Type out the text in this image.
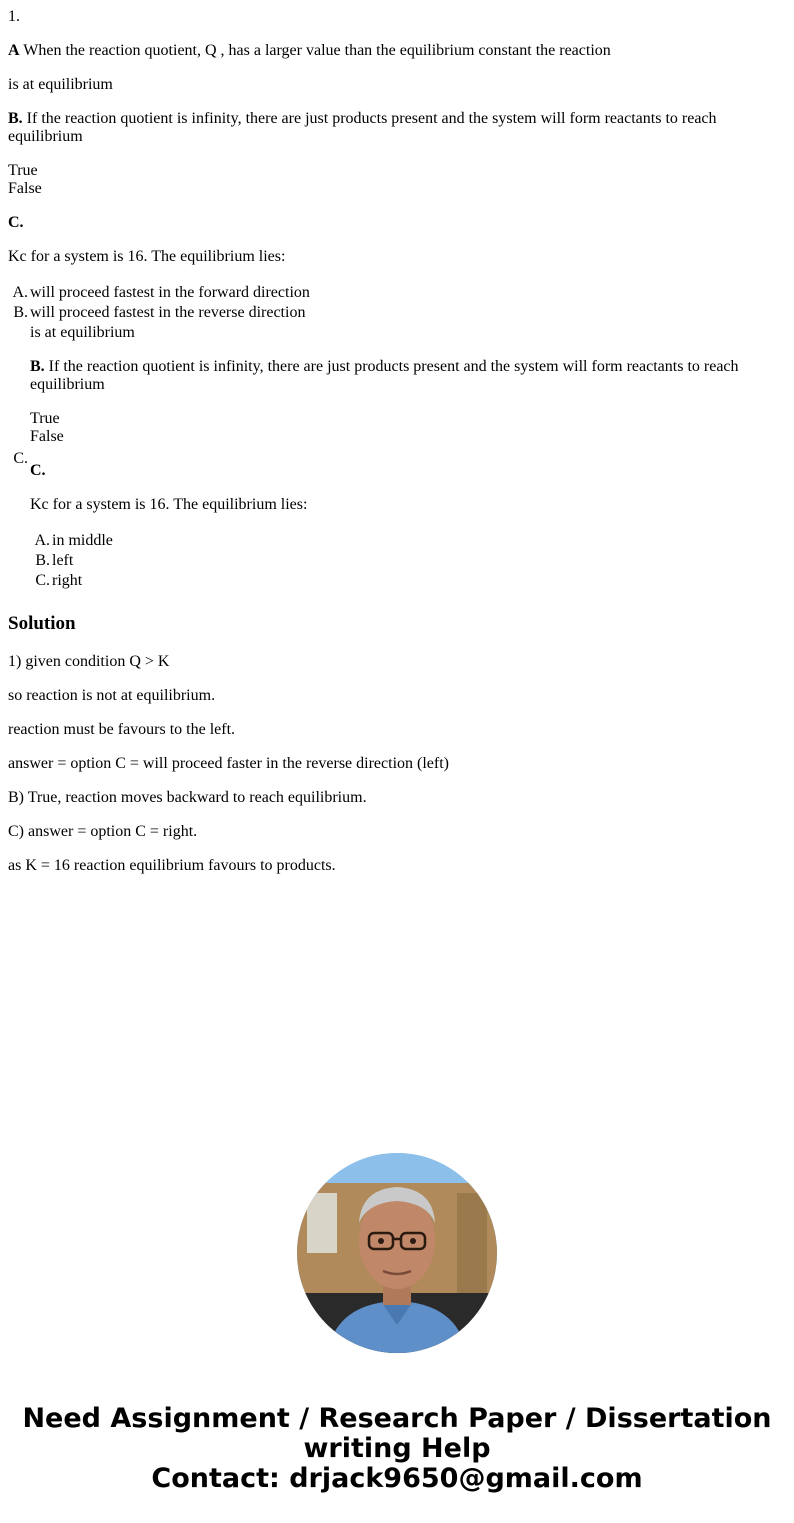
1.
A When the reaction quotient, Q , has a larger value than the equilibrium constant the reaction
is at equilibrium
B. If the reaction quotient is infinity, there are just products present and the system will form reactants to reach equilibrium
True
False
C.
Kc for a system is 16. The equilibrium lies:
A. will proceed fastest in the forward direction
B. will proceed fastest in the reverse direction
C.
is at equilibrium
B. If the reaction quotient is infinity, there are just products present and the system will form reactants to reach equilibrium
True
False
C.
Kc for a system is 16. The equilibrium lies:
A. in middle
B. left
C. right
Solution
1) given condition Q > K
so reaction is not at equilibrium.
reaction must be favours to the left.
answer = option C = will proceed faster in the reverse direction (left)
B) True, reaction moves backward to reach equilibrium.
C) answer = option C = right.
as K = 16 reaction equilibrium favours to products.
Need Assignment / Research Paper / Dissertation
writing Help
Contact: drjack9650@gmail.com
